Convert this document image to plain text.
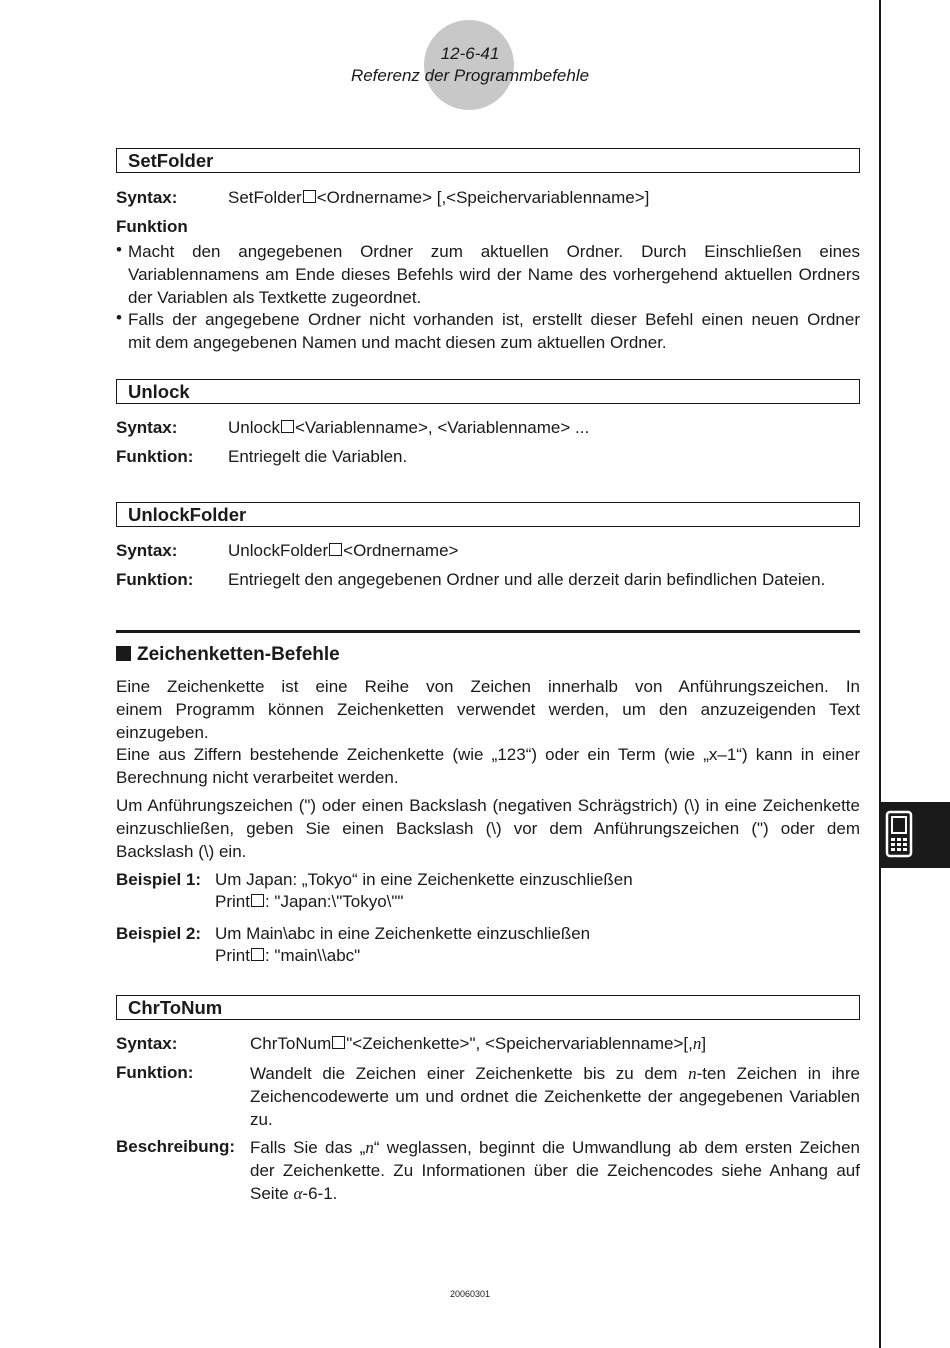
12-6-41
Referenz der Programmbefehle
SetFolder
Syntax:	SetFolder <Ordnername> [,<Speichervariablenname>]
Funktion
• Macht den angegebenen Ordner zum aktuellen Ordner. Durch Einschließen eines
Variablennamens am Ende dieses Befehls wird der Name des vorhergehend aktuellen Ordners
der Variablen als Textkette zugeordnet.
• Falls der angegebene Ordner nicht vorhanden ist, erstellt dieser Befehl einen neuen Ordner
mit dem angegebenen Namen und macht diesen zum aktuellen Ordner.
Unlock
Syntax:	Unlock <Variablenname>, <Variablenname> ...
Funktion: Entriegelt die Variablen.
UnlockFolder
Syntax:	UnlockFolder <Ordnername>
Funktion: Entriegelt den angegebenen Ordner und alle derzeit darin befindlichen Dateien.
Zeichenketten-Befehle
Eine Zeichenkette ist eine Reihe von Zeichen innerhalb von Anführungszeichen. In
einem Programm können Zeichenketten verwendet werden, um den anzuzeigenden Text
einzugeben.
Eine aus Ziffern bestehende Zeichenkette (wie „123“) oder ein Term (wie „x–1“) kann in einer
Berechnung nicht verarbeitet werden.
Um Anführungszeichen (") oder einen Backslash (negativen Schrägstrich) (\) in eine Zeichenkette
einzuschließen, geben Sie einen Backslash (\) vor dem Anführungszeichen (") oder dem
Backslash (\) ein.
Beispiel 1: Um Japan: „Tokyo“ in eine Zeichenkette einzuschließen
Print : "Japan:\"Tokyo\""
Beispiel 2: Um Main\abc in eine Zeichenkette einzuschließen
Print : "main\\abc"
ChrToNum
Syntax:	ChrToNum "<Zeichenkette>", <Speichervariablenname>[,n]
Funktion:	Wandelt die Zeichen einer Zeichenkette bis zu dem n-ten Zeichen in ihre
Zeichencodewerte um und ordnet die Zeichenkette der angegebenen Variablen
zu.
Beschreibung: Falls Sie das „n“ weglassen, beginnt die Umwandlung ab dem ersten Zeichen
der Zeichenkette. Zu Informationen über die Zeichencodes siehe Anhang auf
Seite α-6-1.
20060301
